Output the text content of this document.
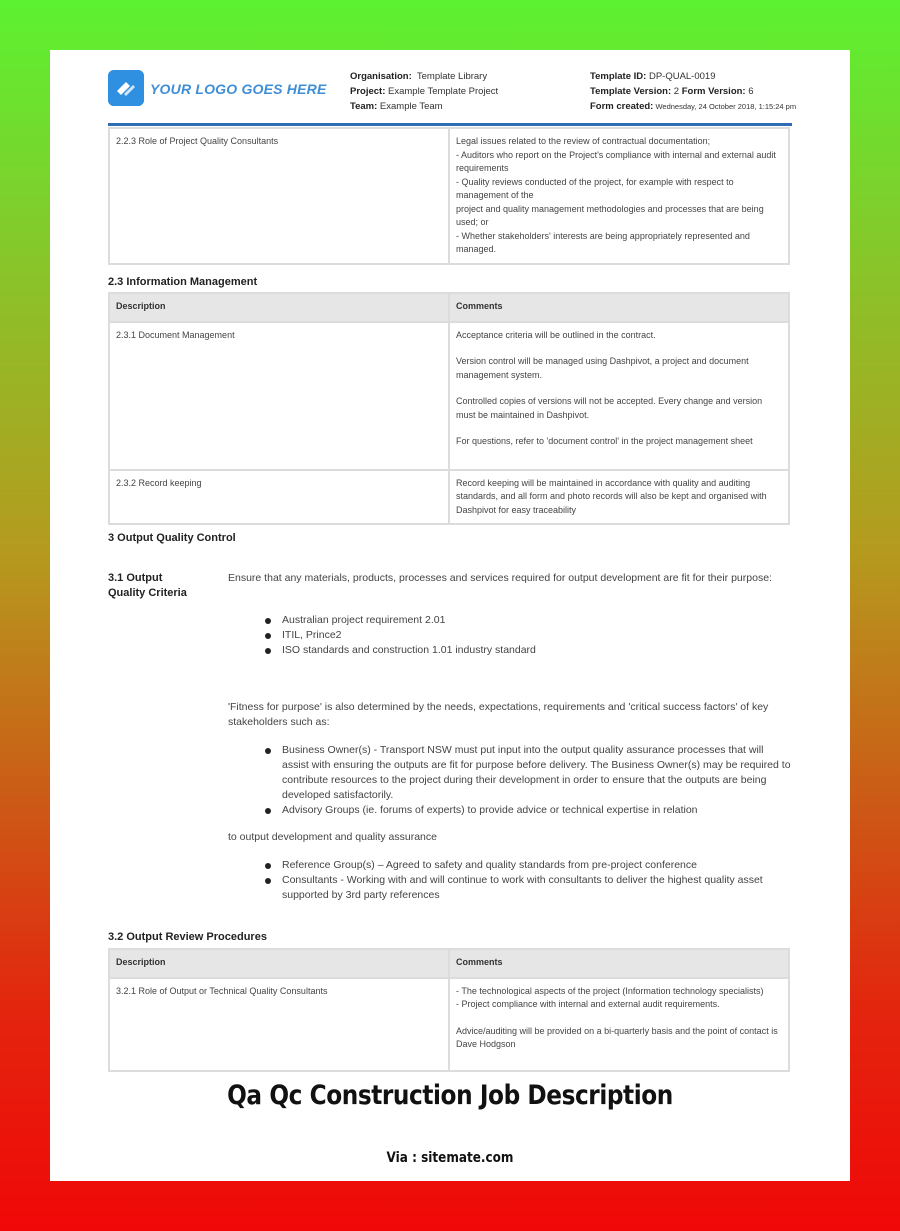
YOUR LOGO GOES HERE
Organisation: Template Library
Project: Example Template Project
Team: Example Team
Template ID: DP-QUAL-0019
Template Version: 2 Form Version: 6
Form created: Wednesday, 24 October 2018, 1:15:24 pm
2.2.3 Role of Project Quality Consultants	Legal issues related to the review of contractual documentation;
- Auditors who report on the Project's compliance with internal and external audit requirements
- Quality reviews conducted of the project, for example with respect to management of the
project and quality management methodologies and processes that are being used; or
- Whether stakeholders' interests are being appropriately represented and managed.
2.3 Information Management
Description	Comments
2.3.1 Document Management	Acceptance criteria will be outlined in the contract.

Version control will be managed using Dashpivot, a project and document management system.

Controlled copies of versions will not be accepted. Every change and version must be maintained in Dashpivot.

For questions, refer to 'document control' in the project management sheet

2.3.2 Record keeping	Record keeping will be maintained in accordance with quality and auditing standards, and all form and photo records will also be kept and organised with Dashpivot for easy traceability
3 Output Quality Control
3.1 Output Quality Criteria
Ensure that any materials, products, processes and services required for output development are fit for their purpose:
Australian project requirement 2.01
ITIL, Prince2
ISO standards and construction 1.01 industry standard
'Fitness for purpose' is also determined by the needs, expectations, requirements and 'critical success factors' of key stakeholders such as:
Business Owner(s) - Transport NSW must put input into the output quality assurance processes that will assist with ensuring the outputs are fit for purpose before delivery. The Business Owner(s) may be required to contribute resources to the project during their development in order to ensure that the outputs are being developed satisfactorily.
Advisory Groups (ie. forums of experts) to provide advice or technical expertise in relation
to output development and quality assurance
Reference Group(s) – Agreed to safety and quality standards from pre-project conference
Consultants - Working with and will continue to work with consultants to deliver the highest quality asset supported by 3rd party references
3.2 Output Review Procedures
Description	Comments
3.2.1 Role of Output or Technical Quality Consultants	- The technological aspects of the project (Information technology specialists)
- Project compliance with internal and external audit requirements.

Advice/auditing will be provided on a bi-quarterly basis and the point of contact is Dave Hodgson

Qa Qc Construction Job Description
Via : sitemate.com
